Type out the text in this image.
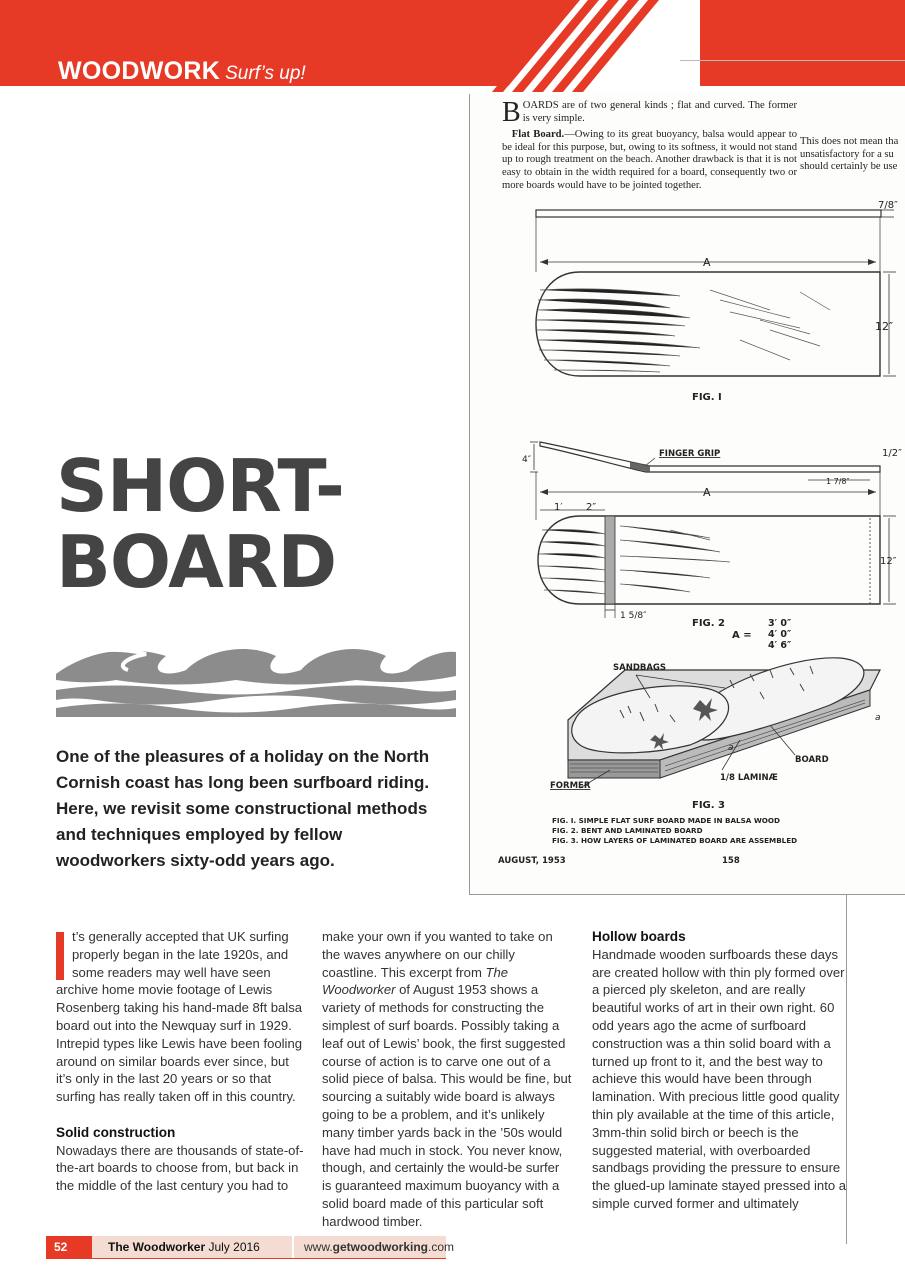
WOODWORK Surf’s up!
SHORT-
BOARD
One of the pleasures of a holiday on the North Cornish coast has long been surfboard riding. Here, we revisit some constructional methods and techniques employed by fellow woodworkers sixty-odd years ago.

BOARDS are of two general kinds ; flat and curved. The former is very simple.

Flat Board.—Owing to its great buoyancy, balsa would appear to be ideal for this purpose, but, owing to its softness, it would not stand up to rough treatment on the beach. Another drawback is that it is not easy to obtain in the width required for a board, consequently two or more boards would have to be jointed together.

This does not mean tha
unsatisfactory for a su
should certainly be use
7/8″
A
12″
FIG. I
FINGER GRIP
4″
1/2″
1 7/8″
A
1′ 2″
12″
1 5/8″
FIG. 2
A =
3′ 0″
4′ 0″
4′ 6″
SANDBAGS
BOARD
1/8 LAMINÆ
FORMER
a
a
FIG. 3
FIG. I. SIMPLE FLAT SURF BOARD MADE IN BALSA WOOD
FIG. 2. BENT AND LAMINATED BOARD
FIG. 3. HOW LAYERS OF LAMINATED BOARD ARE ASSEMBLED
AUGUST, 1953	158

t’s generally accepted that UK surfing properly began in the late 1920s, and some readers may well have seen archive home movie footage of Lewis Rosenberg taking his hand-made 8ft balsa board out into the Newquay surf in 1929. Intrepid types like Lewis have been fooling around on similar boards ever since, but it’s only in the last 20 years or so that surfing has really taken off in this country.

Solid construction

Nowadays there are thousands of state-of-the-art boards to choose from, but back in the middle of the last century you had to

make your own if you wanted to take on the waves anywhere on our chilly coastline. This excerpt from The Woodworker of August 1953 shows a variety of methods for constructing the simplest of surf boards. Possibly taking a leaf out of Lewis’ book, the first suggested course of action is to carve one out of a solid piece of balsa. This would be fine, but sourcing a suitably wide board is always going to be a problem, and it’s unlikely many timber yards back in the ’50s would have had much in stock. You never know, though, and certainly the would-be surfer is guaranteed maximum buoyancy with a solid board made of this particular soft hardwood timber.

Hollow boards

Handmade wooden surfboards these days are created hollow with thin ply formed over a pierced ply skeleton, and are really beautiful works of art in their own right. 60 odd years ago the acme of surfboard construction was a thin solid board with a turned up front to it, and the best way to achieve this would have been through lamination. With precious little good quality thin ply available at the time of this article, 3mm-thin solid birch or beech is the suggested material, with overboarded sandbags providing the pressure to ensure the glued-up laminate stayed pressed into a simple curved former and ultimately

52	The Woodworker July 2016	www.getwoodworking.com
